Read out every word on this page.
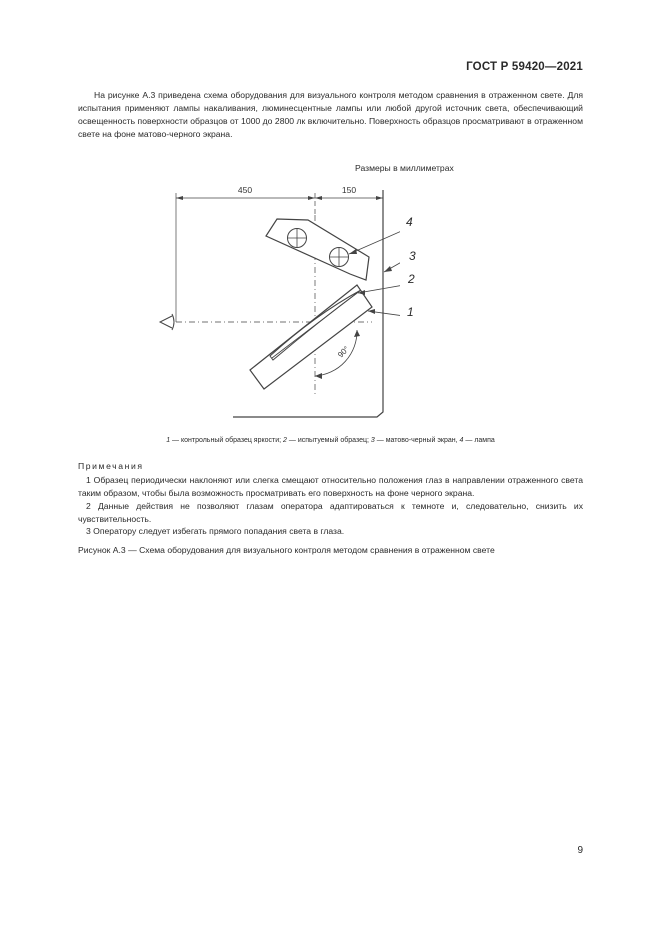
ГОСТ Р 59420—2021
На рисунке А.3 приведена схема оборудования для визуального контроля методом сравнения в отраженном свете. Для испытания применяют лампы накаливания, люминесцентные лампы или любой другой источник света, обеспечивающий освещенность поверхности образцов от 1000 до 2800 лк включительно. Поверхность образцов просматривают в отраженном свете на фоне матово-черного экрана.
Размеры в миллиметрах
450	150
90°
4
3
2
1
1 — контрольный образец яркости; 2 — испытуемый образец; 3 — матово-черный экран, 4 — лампа
Примечания
1 Образец периодически наклоняют или слегка смещают относительно положения глаз в направлении отраженного света таким образом, чтобы была возможность просматривать его поверхность на фоне черного экрана.
2 Данные действия не позволяют глазам оператора адаптироваться к темноте и, следовательно, снизить их чувствительность.
3 Оператору следует избегать прямого попадания света в глаза.
Рисунок А.3 — Схема оборудования для визуального контроля методом сравнения в отраженном свете
9
